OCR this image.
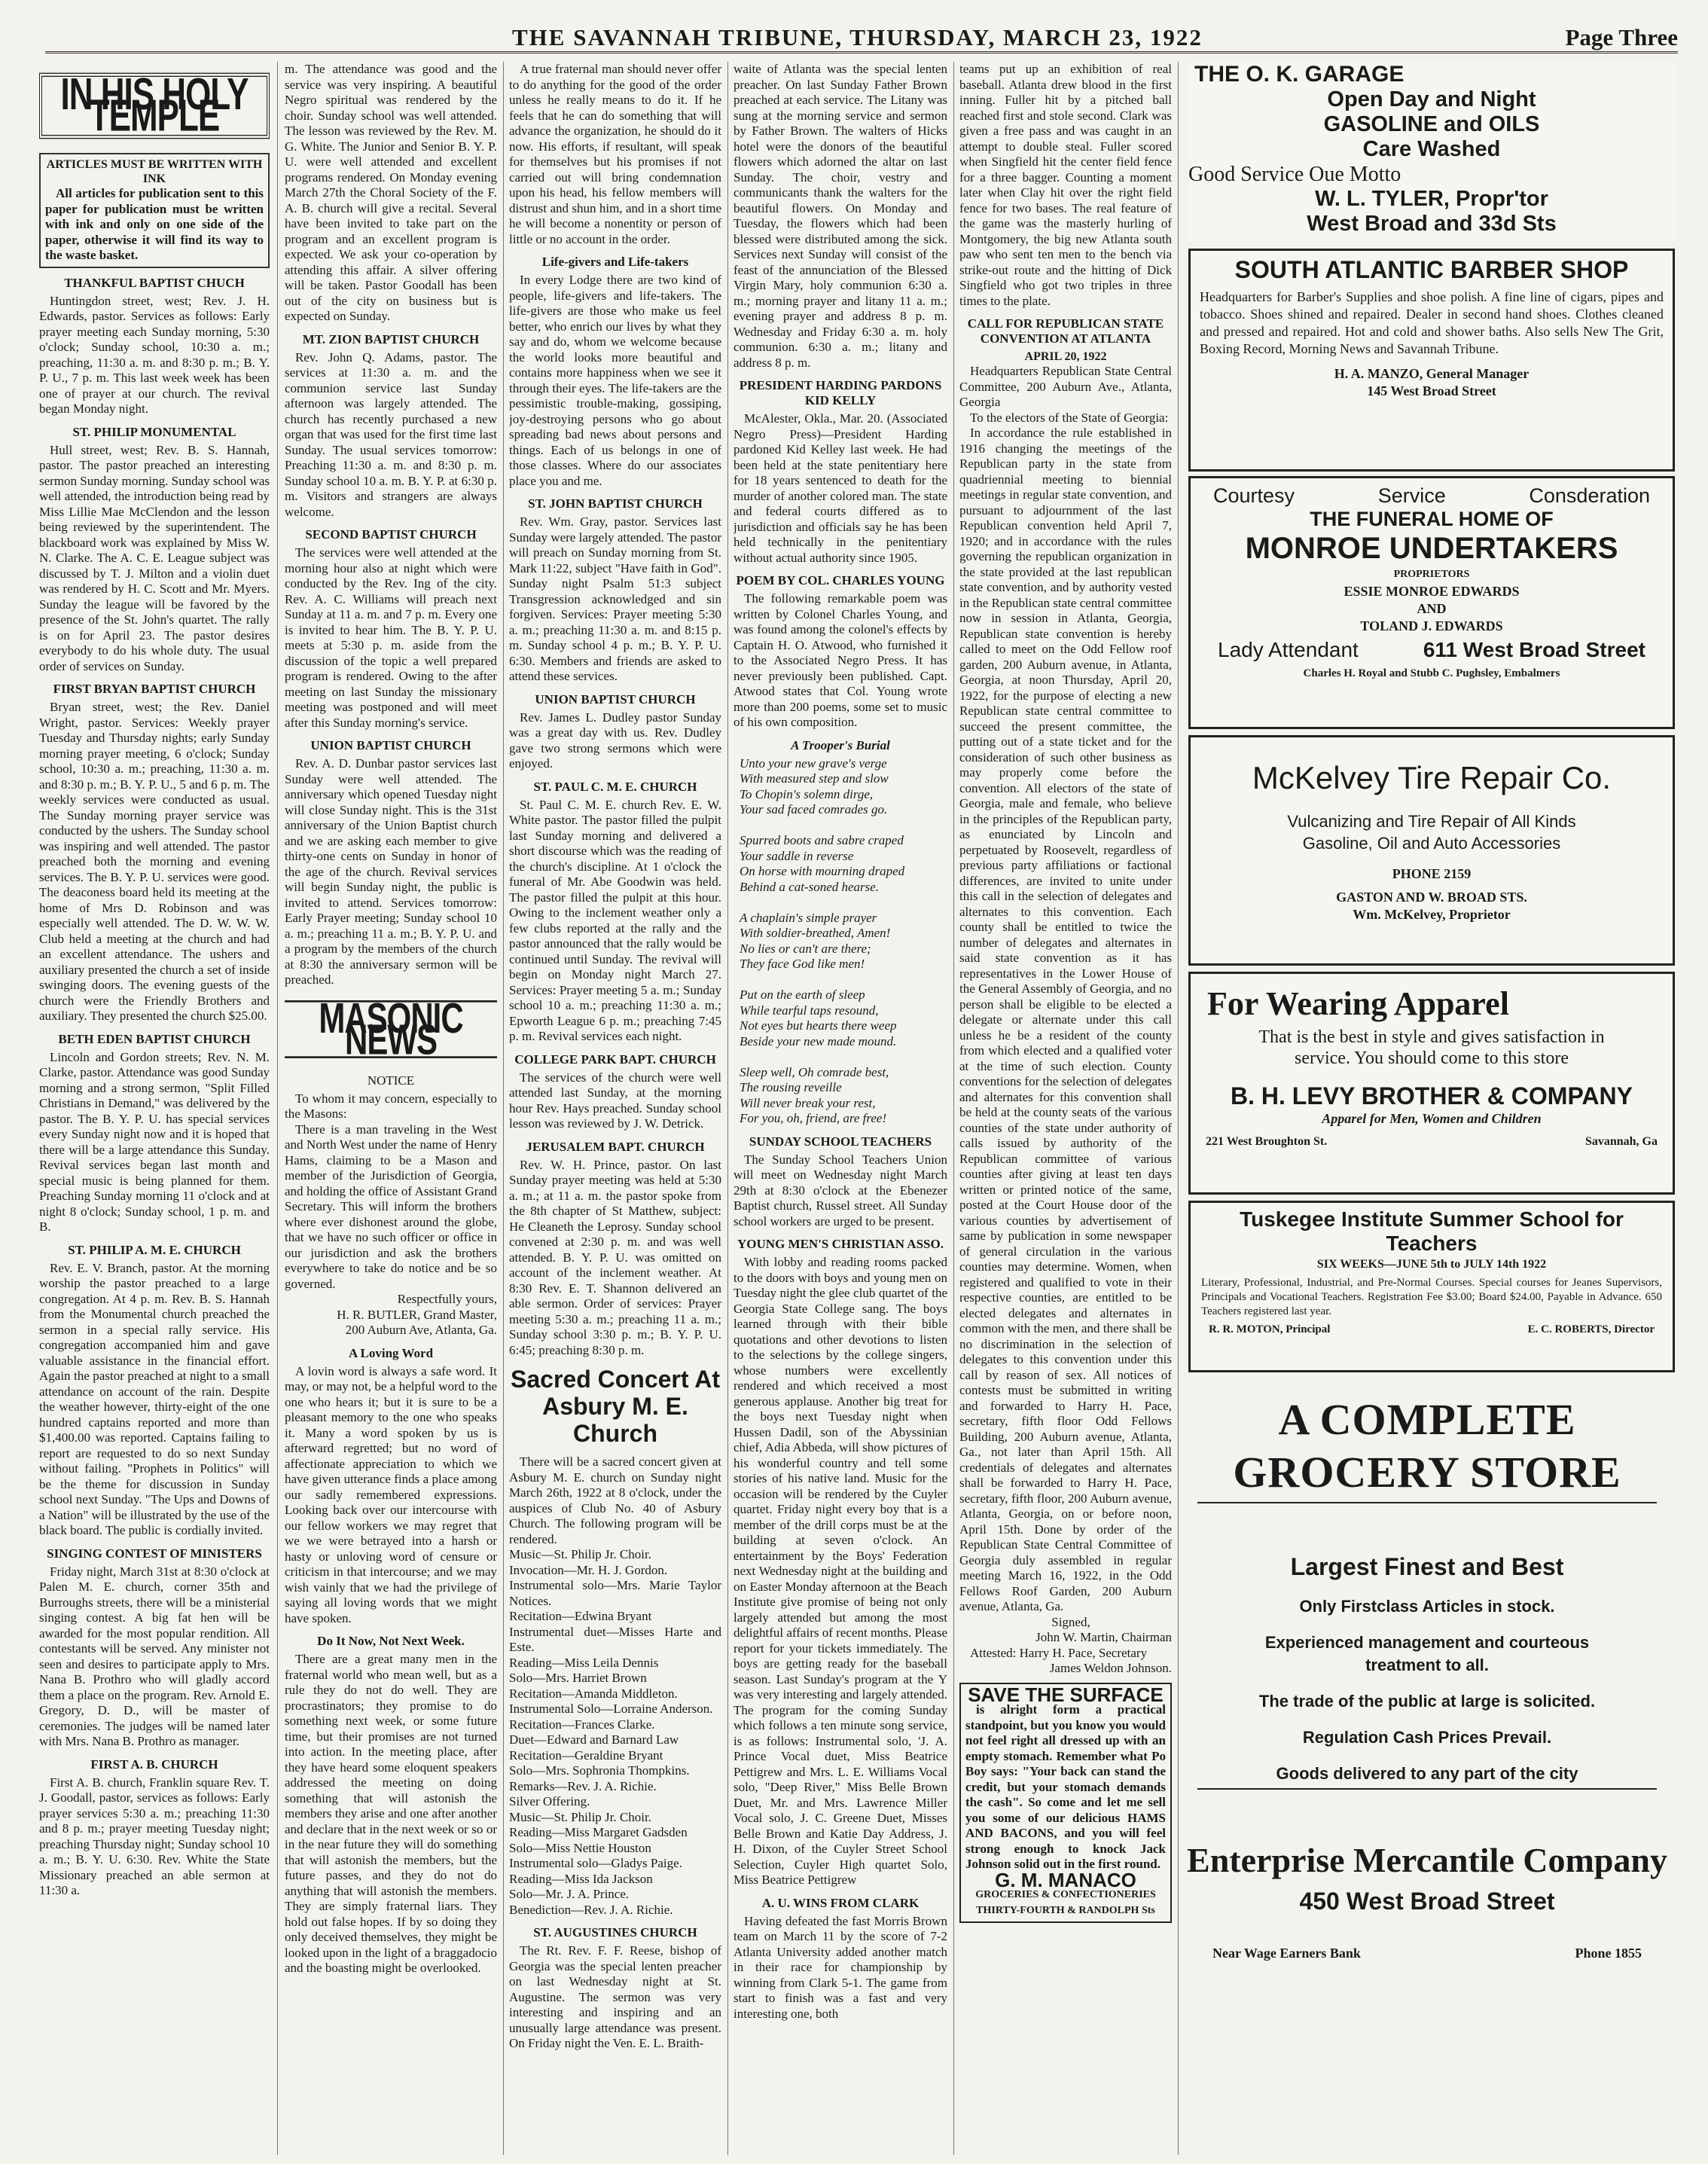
THE SAVANNAH TRIBUNE, THURSDAY, MARCH 23, 1922	Page Three
IN HIS HOLY TEMPLE
ARTICLES MUST BE WRITTEN WITH INK

All articles for publication sent to this paper for publication must be written with ink and only on one side of the paper, otherwise it will find its way to the waste basket.

THANKFUL BAPTIST CHUCH

Huntingdon street, west; Rev. J. H. Edwards, pastor. Services as follows: Early prayer meeting each Sunday morning, 5:30 o'clock; Sunday school, 10:30 a. m.; preaching, 11:30 a. m. and 8:30 p. m.; B. Y. P. U., 7 p. m. This last week week has been one of prayer at our church. The revival began Monday night.

ST. PHILIP MONUMENTAL

Hull street, west; Rev. B. S. Hannah, pastor. The pastor preached an interesting sermon Sunday morning. Sunday school was well attended, the introduction being read by Miss Lillie Mae McClendon and the lesson being reviewed by the superintendent. The blackboard work was explained by Miss W. N. Clarke. The A. C. E. League subject was discussed by T. J. Milton and a violin duet was rendered by H. C. Scott and Mr. Myers. Sunday the league will be favored by the presence of the St. John's quartet. The rally is on for April 23. The pastor desires everybody to do his whole duty. The usual order of services on Sunday.

FIRST BRYAN BAPTIST CHURCH

Bryan street, west; the Rev. Daniel Wright, pastor. Services: Weekly prayer Tuesday and Thursday nights; early Sunday morning prayer meeting, 6 o'clock; Sunday school, 10:30 a. m.; preaching, 11:30 a. m. and 8:30 p. m.; B. Y. P. U., 5 and 6 p. m. The weekly services were conducted as usual. The Sunday morning prayer service was conducted by the ushers. The Sunday school was inspiring and well attended. The pastor preached both the morning and evening services. The B. Y. P. U. services were good. The deaconess board held its meeting at the home of Mrs D. Robinson and was especially well attended. The D. W. W. W. Club held a meeting at the church and had an excellent attendance. The ushers and auxiliary presented the church a set of inside swinging doors. The evening guests of the church were the Friendly Brothers and auxiliary. They presented the church $25.00.

BETH EDEN BAPTIST CHURCH

Lincoln and Gordon streets; Rev. N. M. Clarke, pastor. Attendance was good Sunday morning and a strong sermon, "Split Filled Christians in Demand," was delivered by the pastor. The B. Y. P. U. has special services every Sunday night now and it is hoped that there will be a large attendance this Sunday. Revival services began last month and special music is being planned for them. Preaching Sunday morning 11 o'clock and at night 8 o'clock; Sunday school, 1 p. m. and B.

ST. PHILIP A. M. E. CHURCH

Rev. E. V. Branch, pastor. At the morning worship the pastor preached to a large congregation. At 4 p. m. Rev. B. S. Hannah from the Monumental church preached the sermon in a special rally service. His congregation accompanied him and gave valuable assistance in the financial effort. Again the pastor preached at night to a small attendance on account of the rain. Despite the weather however, thirty-eight of the one hundred captains reported and more than $1,400.00 was reported. Captains failing to report are requested to do so next Sunday without failing. "Prophets in Politics" will be the theme for discussion in Sunday school next Sunday. "The Ups and Downs of a Nation" will be illustrated by the use of the black board. The public is cordially invited.

SINGING CONTEST OF MINISTERS

Friday night, March 31st at 8:30 o'clock at Palen M. E. church, corner 35th and Burroughs streets, there will be a ministerial singing contest. A big fat hen will be awarded for the most popular rendition. All contestants will be served. Any minister not seen and desires to participate apply to Mrs. Nana B. Prothro who will gladly accord them a place on the program. Rev. Arnold E. Gregory, D. D., will be master of ceremonies. The judges will be named later with Mrs. Nana B. Prothro as manager.

FIRST A. B. CHURCH

First A. B. church, Franklin square Rev. T. J. Goodall, pastor, services as follows: Early prayer services 5:30 a. m.; preaching 11:30 and 8 p. m.; prayer meeting Tuesday night; preaching Thursday night; Sunday school 10 a. m.; B. Y. U. 6:30. Rev. White the State Missionary preached an able sermon at 11:30 a.

m. The attendance was good and the service was very inspiring. A beautiful Negro spiritual was rendered by the choir. Sunday school was well attended. The lesson was reviewed by the Rev. M. G. White. The Junior and Senior B. Y. P. U. were well attended and excellent programs rendered. On Monday evening March 27th the Choral Society of the F. A. B. church will give a recital. Several have been invited to take part on the program and an excellent program is expected. We ask your co-operation by attending this affair. A silver offering will be taken. Pastor Goodall has been out of the city on business but is expected on Sunday.

MT. ZION BAPTIST CHURCH

Rev. John Q. Adams, pastor. The services at 11:30 a. m. and the communion service last Sunday afternoon was largely attended. The church has recently purchased a new organ that was used for the first time last Sunday. The usual services tomorrow: Preaching 11:30 a. m. and 8:30 p. m. Sunday school 10 a. m. B. Y. P. at 6:30 p. m. Visitors and strangers are always welcome.

SECOND BAPTIST CHURCH

The services were well attended at the morning hour also at night which were conducted by the Rev. Ing of the city. Rev. A. C. Williams will preach next Sunday at 11 a. m. and 7 p. m. Every one is invited to hear him. The B. Y. P. U. meets at 5:30 p. m. aside from the discussion of the topic a well prepared program is rendered. Owing to the after meeting on last Sunday the missionary meeting was postponed and will meet after this Sunday morning's service.

UNION BAPTIST CHURCH

Rev. A. D. Dunbar pastor services last Sunday were well attended. The anniversary which opened Tuesday night will close Sunday night. This is the 31st anniversary of the Union Baptist church and we are asking each member to give thirty-one cents on Sunday in honor of the age of the church. Revival services will begin Sunday night, the public is invited to attend. Services tomorrow: Early Prayer meeting; Sunday school 10 a. m.; preaching 11 a. m.; B. Y. P. U. and a program by the members of the church at 8:30 the anniversary sermon will be preached.

MASONIC NEWS
NOTICE

To whom it may concern, especially to the Masons:

There is a man traveling in the West and North West under the name of Henry Hams, claiming to be a Mason and member of the Jurisdiction of Georgia, and holding the office of Assistant Grand Secretary. This will inform the brothers where ever dishonest around the globe, that we have no such officer or office in our jurisdiction and ask the brothers everywhere to take do notice and be so governed.

Respectfully yours,

H. R. BUTLER, Grand Master,

200 Auburn Ave, Atlanta, Ga.

A Loving Word

A lovin word is always a safe word. It may, or may not, be a helpful word to the one who hears it; but it is sure to be a pleasant memory to the one who speaks it. Many a word spoken by us is afterward regretted; but no word of affectionate appreciation to which we have given utterance finds a place among our sadly remembered expressions. Looking back over our intercourse with our fellow workers we may regret that we we were betrayed into a harsh or hasty or unloving word of censure or criticism in that intercourse; and we may wish vainly that we had the privilege of saying all loving words that we might have spoken.

Do It Now, Not Next Week.

There are a great many men in the fraternal world who mean well, but as a rule they do not do well. They are procrastinators; they promise to do something next week, or some future time, but their promises are not turned into action. In the meeting place, after they have heard some eloquent speakers addressed the meeting on doing something that will astonish the members they arise and one after another and declare that in the next week or so or in the near future they will do something that will astonish the members, but the future passes, and they do not do anything that will astonish the members. They are simply fraternal liars. They hold out false hopes. If by so doing they only deceived themselves, they might be looked upon in the light of a braggadocio and the boasting might be overlooked.

A true fraternal man should never offer to do anything for the good of the order unless he really means to do it. If he feels that he can do something that will advance the organization, he should do it now. His efforts, if resultant, will speak for themselves but his promises if not carried out will bring condemnation upon his head, his fellow members will distrust and shun him, and in a short time he will become a nonentity or person of little or no account in the order.

Life-givers and Life-takers

In every Lodge there are two kind of people, life-givers and life-takers. The life-givers are those who make us feel better, who enrich our lives by what they say and do, whom we welcome because the world looks more beautiful and contains more happiness when we see it through their eyes. The life-takers are the pessimistic trouble-making, gossiping, joy-destroying persons who go about spreading bad news about persons and things. Each of us belongs in one of those classes. Where do our associates place you and me.

ST. JOHN BAPTIST CHURCH

Rev. Wm. Gray, pastor. Services last Sunday were largely attended. The pastor will preach on Sunday morning from St. Mark 11:22, subject "Have faith in God". Sunday night Psalm 51:3 subject Transgression acknowledged and sin forgiven. Services: Prayer meeting 5:30 a. m.; preaching 11:30 a. m. and 8:15 p. m. Sunday school 4 p. m.; B. Y. P. U. 6:30. Members and friends are asked to attend these services.

UNION BAPTIST CHURCH

Rev. James L. Dudley pastor Sunday was a great day with us. Rev. Dudley gave two strong sermons which were enjoyed.

ST. PAUL C. M. E. CHURCH

St. Paul C. M. E. church Rev. E. W. White pastor. The pastor filled the pulpit last Sunday morning and delivered a short discourse which was the reading of the church's discipline. At 1 o'clock the funeral of Mr. Abe Goodwin was held. The pastor filled the pulpit at this hour. Owing to the inclement weather only a few clubs reported at the rally and the pastor announced that the rally would be continued until Sunday. The revival will begin on Monday night March 27. Services: Prayer meeting 5 a. m.; Sunday school 10 a. m.; preaching 11:30 a. m.; Epworth League 6 p. m.; preaching 7:45 p. m. Revival services each night.

COLLEGE PARK BAPT. CHURCH

The services of the church were well attended last Sunday, at the morning hour Rev. Hays preached. Sunday school lesson was reviewed by J. W. Detrick.

JERUSALEM BAPT. CHURCH

Rev. W. H. Prince, pastor. On last Sunday prayer meeting was held at 5:30 a. m.; at 11 a. m. the pastor spoke from the 8th chapter of St Matthew, subject: He Cleaneth the Leprosy. Sunday school convened at 2:30 p. m. and was well attended. B. Y. P. U. was omitted on account of the inclement weather. At 8:30 Rev. E. T. Shannon delivered an able sermon. Order of services: Prayer meeting 5:30 a. m.; preaching 11 a. m.; Sunday school 3:30 p. m.; B. Y. P. U. 6:45; preaching 8:30 p. m.

Sacred Concert At
Asbury M. E. Church

There will be a sacred concert given at Asbury M. E. church on Sunday night March 26th, 1922 at 8 o'clock, under the auspices of Club No. 40 of Asbury Church. The following program will be rendered.

Music—St. Philip Jr. Choir.
Invocation—Mr. H. J. Gordon.
Instrumental solo—Mrs. Marie Taylor Notices.
Recitation—Edwina Bryant
Instrumental duet—Misses Harte and Este.
Reading—Miss Leila Dennis
Solo—Mrs. Harriet Brown
Recitation—Amanda Middleton.
Instrumental Solo—Lorraine Anderson.
Recitation—Frances Clarke.
Duet—Edward and Barnard Law
Recitation—Geraldine Bryant
Solo—Mrs. Sophronia Thompkins.
Remarks—Rev. J. A. Richie.
Silver Offering.
Music—St. Philip Jr. Choir.
Reading—Miss Margaret Gadsden
Solo—Miss Nettie Houston
Instrumental solo—Gladys Paige.
Reading—Miss Ida Jackson
Solo—Mr. J. A. Prince.
Benediction—Rev. J. A. Richie.
ST. AUGUSTINES CHURCH

The Rt. Rev. F. F. Reese, bishop of Georgia was the special lenten preacher on last Wednesday night at St. Augustine. The sermon was very interesting and inspiring and an unusually large attendance was present. On Friday night the Ven. E. L. Braith-

waite of Atlanta was the special lenten preacher. On last Sunday Father Brown preached at each service. The Litany was sung at the morning service and sermon by Father Brown. The walters of Hicks hotel were the donors of the beautiful flowers which adorned the altar on last Sunday. The choir, vestry and communicants thank the walters for the beautiful flowers. On Monday and Tuesday, the flowers which had been blessed were distributed among the sick. Services next Sunday will consist of the feast of the annunciation of the Blessed Virgin Mary, holy communion 6:30 a. m.; morning prayer and litany 11 a. m.; evening prayer and address 8 p. m. Wednesday and Friday 6:30 a. m. holy communion. 6:30 a. m.; litany and address 8 p. m.

PRESIDENT HARDING PARDONS KID KELLY

McAlester, Okla., Mar. 20. (Associated Negro Press)—President Harding pardoned Kid Kelley last week. He had been held at the state penitentiary here for 18 years sentenced to death for the murder of another colored man. The state and federal courts differed as to jurisdiction and officials say he has been held technically in the penitentiary without actual authority since 1905.

POEM BY COL. CHARLES YOUNG

The following remarkable poem was written by Colonel Charles Young, and was found among the colonel's effects by Captain H. O. Atwood, who furnished it to the Associated Negro Press. It has never previously been published. Capt. Atwood states that Col. Young wrote more than 200 poems, some set to music of his own composition.

A Trooper's Burial
Unto your new grave's verge
With measured step and slow
To Chopin's solemn dirge,
Your sad faced comrades go.

Spurred boots and sabre craped
Your saddle in reverse
On horse with mourning draped
Behind a cat-soned hearse.

A chaplain's simple prayer
With soldier-breathed, Amen!
No lies or can't are there;
They face God like men!

Put on the earth of sleep
While tearful taps resound,
Not eyes but hearts there weep
Beside your new made mound.

Sleep well, Oh comrade best,
The rousing reveille
Will never break your rest,
For you, oh, friend, are free!
SUNDAY SCHOOL TEACHERS

The Sunday School Teachers Union will meet on Wednesday night March 29th at 8:30 o'clock at the Ebenezer Baptist church, Russel street. All Sunday school workers are urged to be present.

YOUNG MEN'S CHRISTIAN ASSO.

With lobby and reading rooms packed to the doors with boys and young men on Tuesday night the glee club quartet of the Georgia State College sang. The boys learned through with their bible quotations and other devotions to listen to the selections by the college singers, whose numbers were excellently rendered and which received a most generous applause. Another big treat for the boys next Tuesday night when Hussen Dadil, son of the Abyssinian chief, Adia Abbeda, will show pictures of his wonderful country and tell some stories of his native land. Music for the occasion will be rendered by the Cuyler quartet. Friday night every boy that is a member of the drill corps must be at the building at seven o'clock. An entertainment by the Boys' Federation next Wednesday night at the building and on Easter Monday afternoon at the Beach Institute give promise of being not only largely attended but among the most delightful affairs of recent months. Please report for your tickets immediately. The boys are getting ready for the baseball season. Last Sunday's program at the Y was very interesting and largely attended. The program for the coming Sunday which follows a ten minute song service, is as follows: Instrumental solo, 'J. A. Prince Vocal duet, Miss Beatrice Pettigrew and Mrs. L. E. Williams Vocal solo, "Deep River," Miss Belle Brown Duet, Mr. and Mrs. Lawrence Miller Vocal solo, J. C. Greene Duet, Misses Belle Brown and Katie Day Address, J. H. Dixon, of the Cuyler Street School Selection, Cuyler High quartet Solo, Miss Beatrice Pettigrew

A. U. WINS FROM CLARK

Having defeated the fast Morris Brown team on March 11 by the score of 7-2 Atlanta University added another match in their race for championship by winning from Clark 5-1. The game from start to finish was a fast and very interesting one, both

teams put up an exhibition of real baseball. Atlanta drew blood in the first inning. Fuller hit by a pitched ball reached first and stole second. Clark was given a free pass and was caught in an attempt to double steal. Fuller scored when Singfield hit the center field fence for a three bagger. Counting a moment later when Clay hit over the right field fence for two bases. The real feature of the game was the masterly hurling of Montgomery, the big new Atlanta south paw who sent ten men to the bench via strike-out route and the hitting of Dick Singfield who got two triples in three times to the plate.

CALL FOR REPUBLICAN STATE CONVENTION AT ATLANTA
APRIL 20, 1922

Headquarters Republican State Central Committee, 200 Auburn Ave., Atlanta, Georgia

To the electors of the State of Georgia:

In accordance the rule established in 1916 changing the meetings of the Republican party in the state from quadriennial meeting to biennial meetings in regular state convention, and pursuant to adjournment of the last Republican convention held April 7, 1920; and in accordance with the rules governing the republican organization in the state provided at the last republican state convention, and by authority vested in the Republican state central committee now in session in Atlanta, Georgia, Republican state convention is hereby called to meet on the Odd Fellow roof garden, 200 Auburn avenue, in Atlanta, Georgia, at noon Thursday, April 20, 1922, for the purpose of electing a new Republican state central committee to succeed the present committee, the putting out of a state ticket and for the consideration of such other business as may properly come before the convention. All electors of the state of Georgia, male and female, who believe in the principles of the Republican party, as enunciated by Lincoln and perpetuated by Roosevelt, regardless of previous party affiliations or factional differences, are invited to unite under this call in the selection of delegates and alternates to this convention. Each county shall be entitled to twice the number of delegates and alternates in said state convention as it has representatives in the Lower House of the General Assembly of Georgia, and no person shall be eligible to be elected a delegate or alternate under this call unless he be a resident of the county from which elected and a qualified voter at the time of such election. County conventions for the selection of delegates and alternates for this convention shall be held at the county seats of the various counties of the state under authority of calls issued by authority of the Republican committee of various counties after giving at least ten days written or printed notice of the same, posted at the Court House door of the various counties by advertisement of same by publication in some newspaper of general circulation in the various counties may determine. Women, when registered and qualified to vote in their respective counties, are entitled to be elected delegates and alternates in common with the men, and there shall be no discrimination in the selection of delegates to this convention under this call by reason of sex. All notices of contests must be submitted in writing and forwarded to Harry H. Pace, secretary, fifth floor Odd Fellows Building, 200 Auburn avenue, Atlanta, Ga., not later than April 15th. All credentials of delegates and alternates shall be forwarded to Harry H. Pace, secretary, fifth floor, 200 Auburn avenue, Atlanta, Georgia, on or before noon, April 15th. Done by order of the Republican State Central Committee of Georgia duly assembled in regular meeting March 16, 1922, in the Odd Fellows Roof Garden, 200 Auburn avenue, Atlanta, Ga.

Signed,

John W. Martin, Chairman

Attested: Harry H. Pace, Secretary

James Weldon Johnson.

SAVE THE SURFACE

is alright form a practical standpoint, but you know you would not feel right all dressed up with an empty stomach. Remember what Po Boy says: "Your back can stand the credit, but your stomach demands the cash". So come and let me sell you some of our delicious HAMS AND BACONS, and you will feel strong enough to knock Jack Johnson solid out in the first round.

G. M. MANACO
GROCERIES & CONFECTIONERIES THIRTY-FOURTH & RANDOLPH Sts
THE O. K. GARAGE
Open Day and Night
GASOLINE and OILS
Care Washed
Good Service Oue Motto
W. L. TYLER, Propr'tor
West Broad and 33d Sts
SOUTH ATLANTIC BARBER SHOP
Headquarters for Barber's Supplies and shoe polish. A fine line of cigars, pipes and tobacco. Shoes shined and repaired. Dealer in second hand shoes. Clothes cleaned and pressed and repaired. Hot and cold and shower baths. Also sells New The Grit, Boxing Record, Morning News and Savannah Tribune.
H. A. MANZO, General Manager
145 West Broad Street
Courtesy	Service	Consderation
THE FUNERAL HOME OF
MONROE UNDERTAKERS
PROPRIETORS
ESSIE MONROE EDWARDS
AND
TOLAND J. EDWARDS
Lady Attendant	611 West Broad Street
Charles H. Royal and Stubb C. Pughsley, Embalmers
McKelvey Tire Repair Co.
Vulcanizing and Tire Repair of All Kinds
Gasoline, Oil and Auto Accessories
PHONE 2159
GASTON AND W. BROAD STS.
Wm. McKelvey, Proprietor
For Wearing Apparel
That is the best in style and gives satisfaction in service. You should come to this store
B. H. LEVY BROTHER & COMPANY
Apparel for Men, Women and Children
221 West Broughton St.	Savannah, Ga
Tuskegee Institute Summer School for Teachers
SIX WEEKS—JUNE 5th to JULY 14th 1922
Literary, Professional, Industrial, and Pre-Normal Courses. Special courses for Jeanes Supervisors, Principals and Vocational Teachers. Registration Fee $3.00; Board $24.00, Payable in Advance. 650 Teachers registered last year.
R. R. MOTON, Principal	E. C. ROBERTS, Director
A COMPLETE GROCERY STORE
Largest Finest and Best
Only Firstclass Articles in stock.
Experienced management and courteous treatment to all.
The trade of the public at large is solicited.
Regulation Cash Prices Prevail.
Goods delivered to any part of the city
Enterprise Mercantile Company
450 West Broad Street
Near Wage Earners Bank	Phone 1855
